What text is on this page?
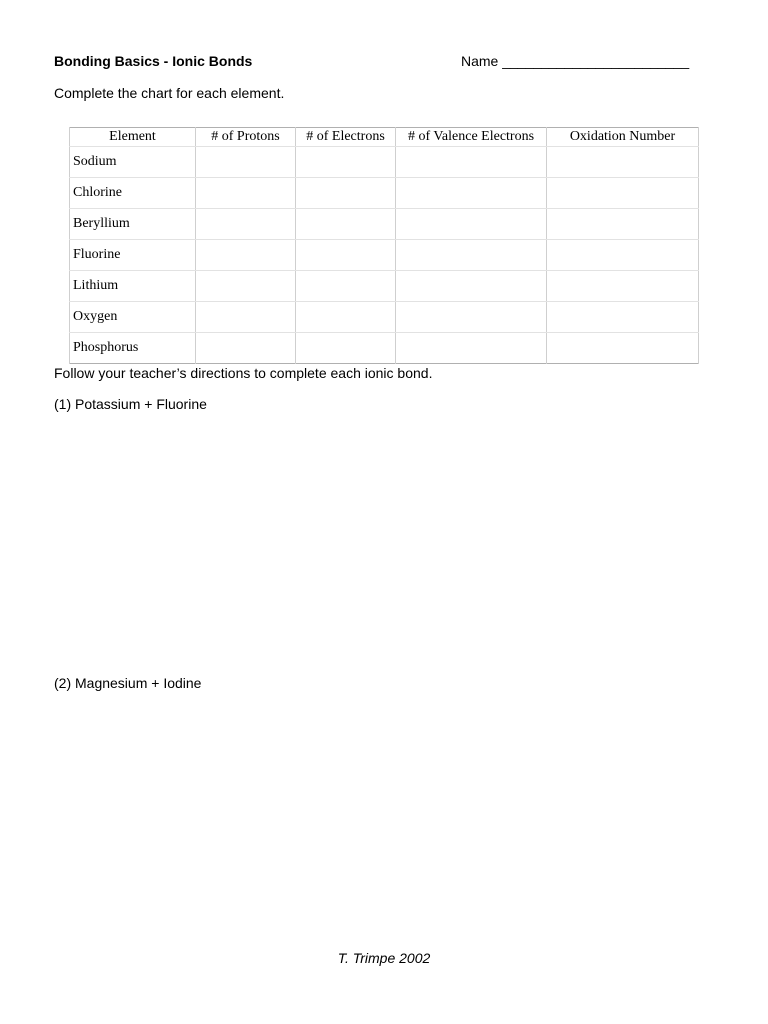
Bonding Basics - Ionic Bonds	Name ________________________
Complete the chart for each element.
Element	# of Protons	# of Electrons	# of Valence Electrons	Oxidation Number
Sodium				
Chlorine				
Beryllium				
Fluorine				
Lithium				
Oxygen				
Phosphorus				
Follow your teacher’s directions to complete each ionic bond.
(1) Potassium + Fluorine
(2) Magnesium + Iodine
T. Trimpe 2002
